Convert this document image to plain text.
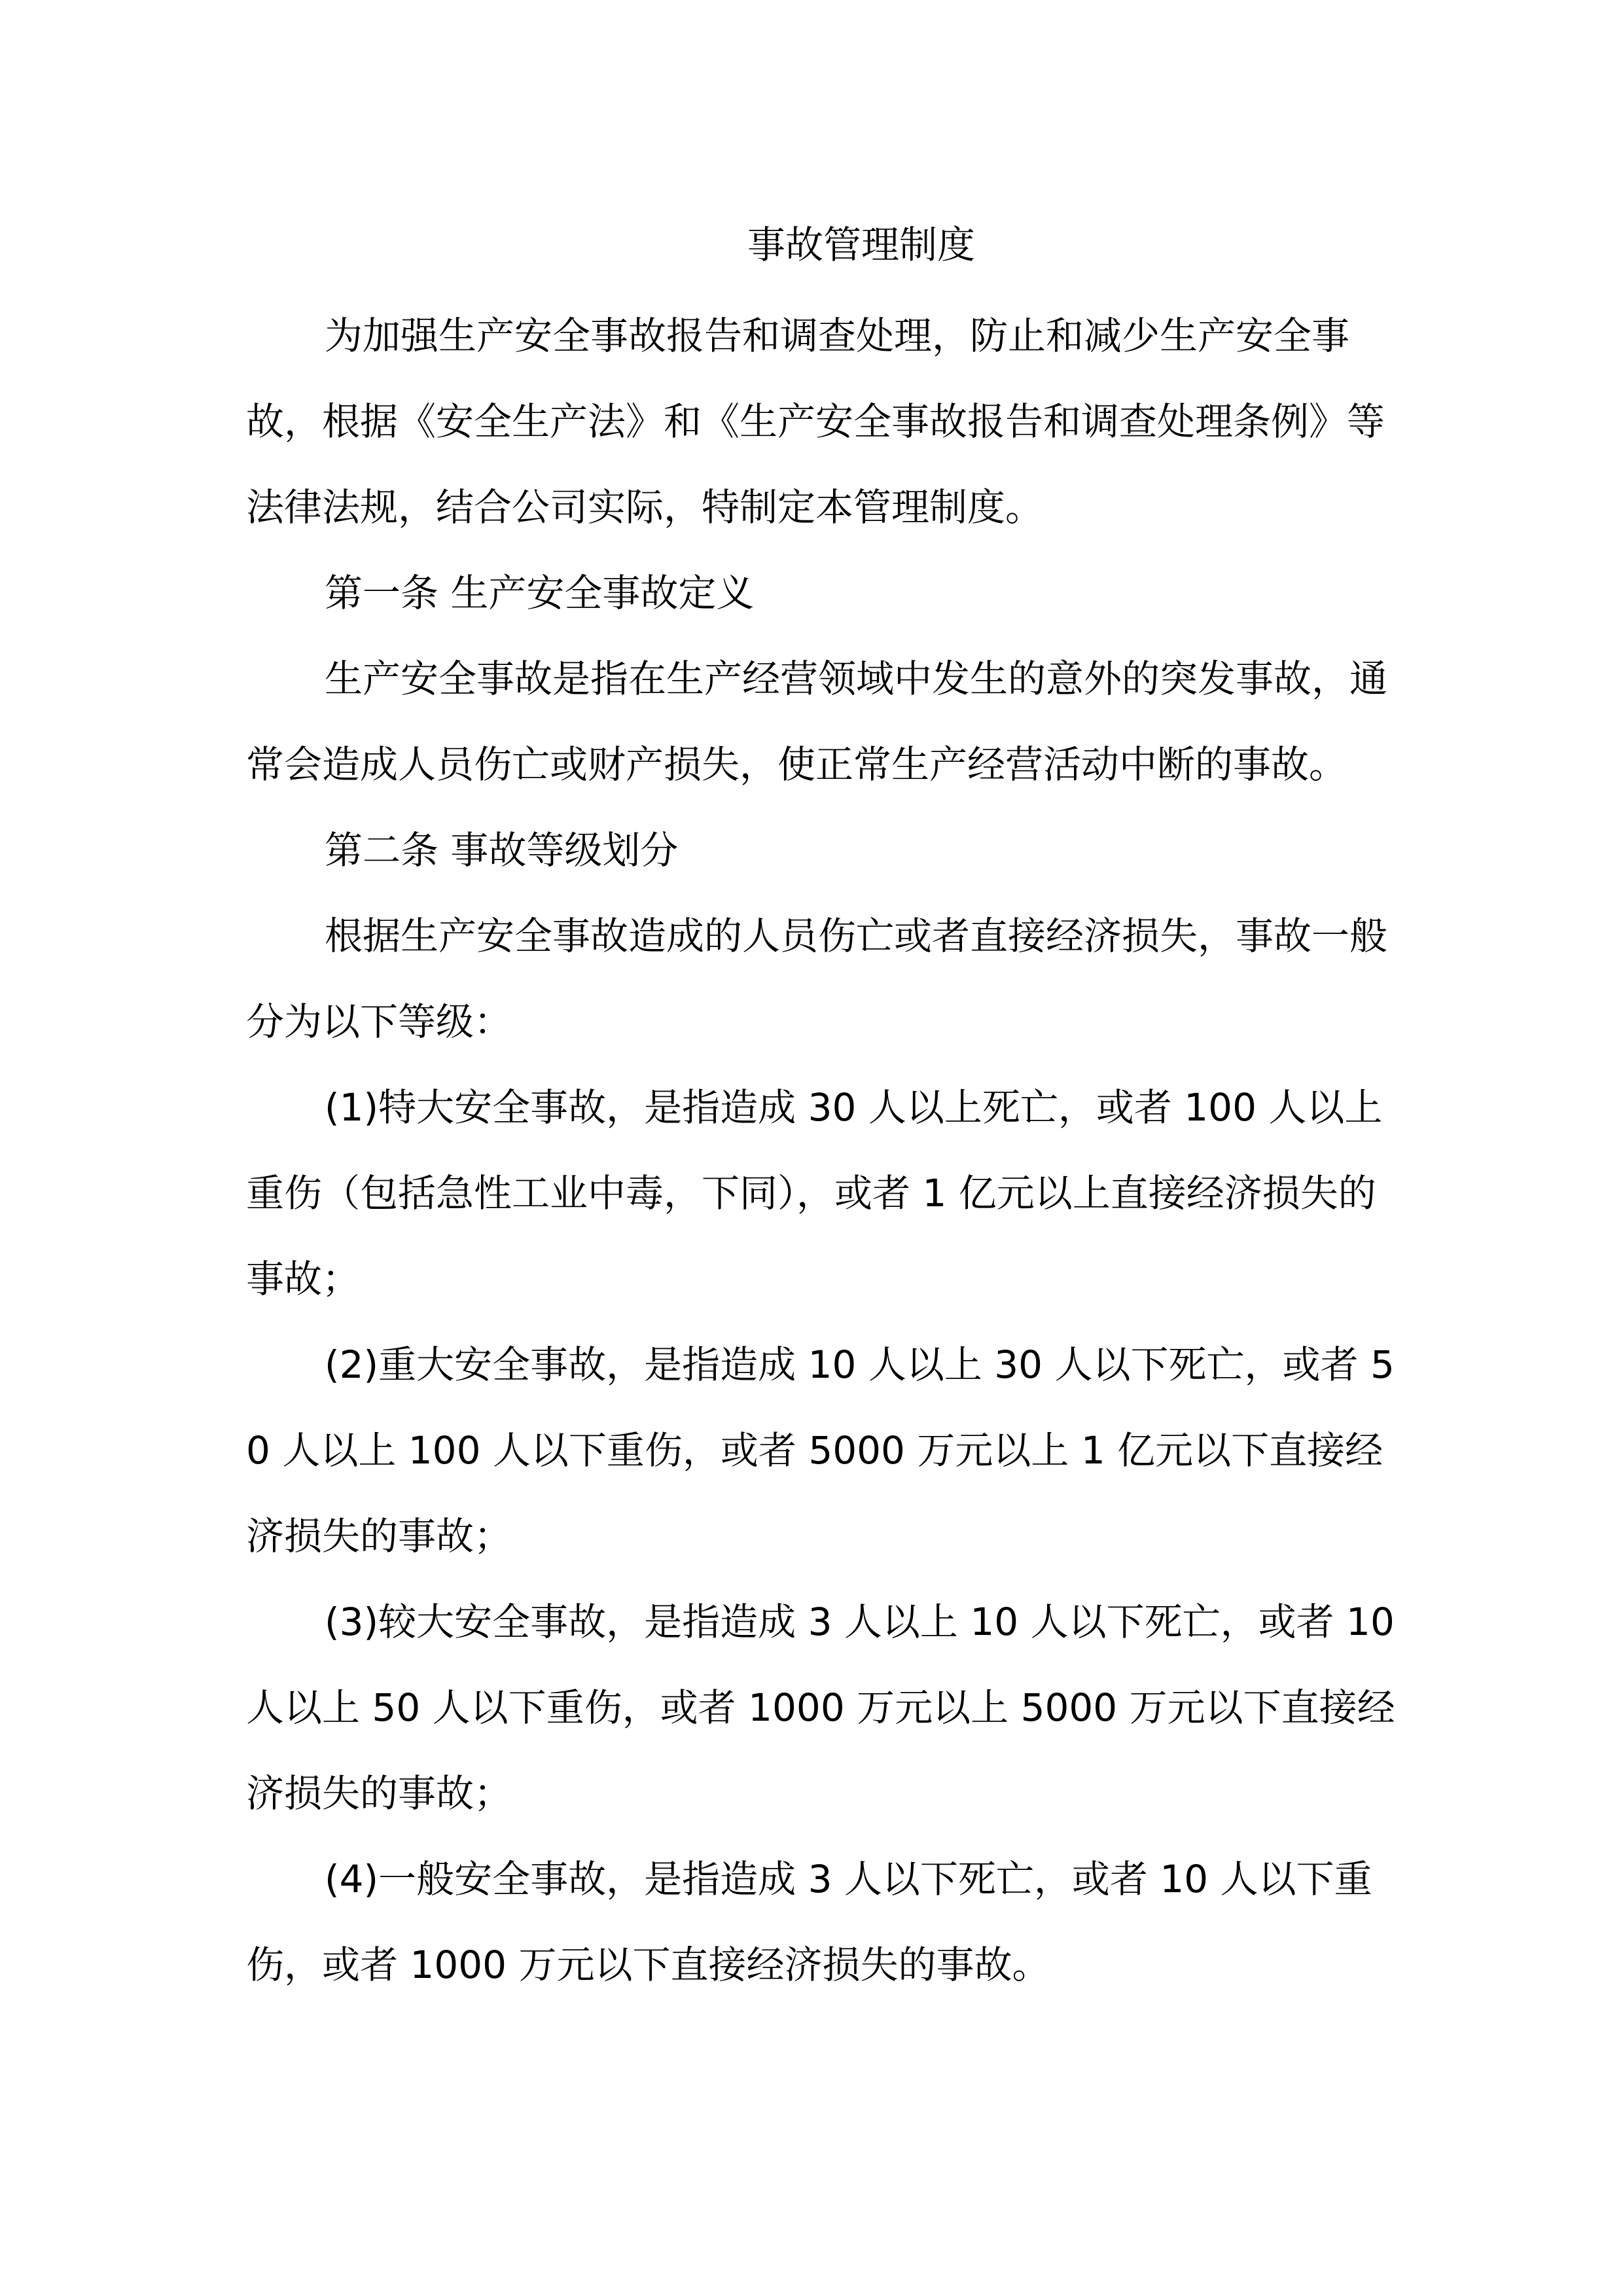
事故管理制度

为加强生产安全事故报告和调查处理，防止和减少生产安全事故，根据《安全生产法》和《生产安全事故报告和调查处理条例》等法律法规，结合公司实际，特制定本管理制度。

第一条 生产安全事故定义

生产安全事故是指在生产经营领域中发生的意外的突发事故，通常会造成人员伤亡或财产损失，使正常生产经营活动中断的事故。

第二条 事故等级划分

根据生产安全事故造成的人员伤亡或者直接经济损失，事故一般分为以下等级：

(1)特大安全事故，是指造成 30 人以上死亡，或者 100 人以上重伤（包括急性工业中毒，下同），或者 1 亿元以上直接经济损失的事故；

(2)重大安全事故，是指造成 10 人以上 30 人以下死亡，或者 50 人以上 100 人以下重伤，或者 5000 万元以上 1 亿元以下直接经济损失的事故；

(3)较大安全事故，是指造成 3 人以上 10 人以下死亡，或者 10 人以上 50 人以下重伤，或者 1000 万元以上 5000 万元以下直接经济损失的事故；

(4)一般安全事故，是指造成 3 人以下死亡，或者 10 人以下重伤，或者 1000 万元以下直接经济损失的事故。
